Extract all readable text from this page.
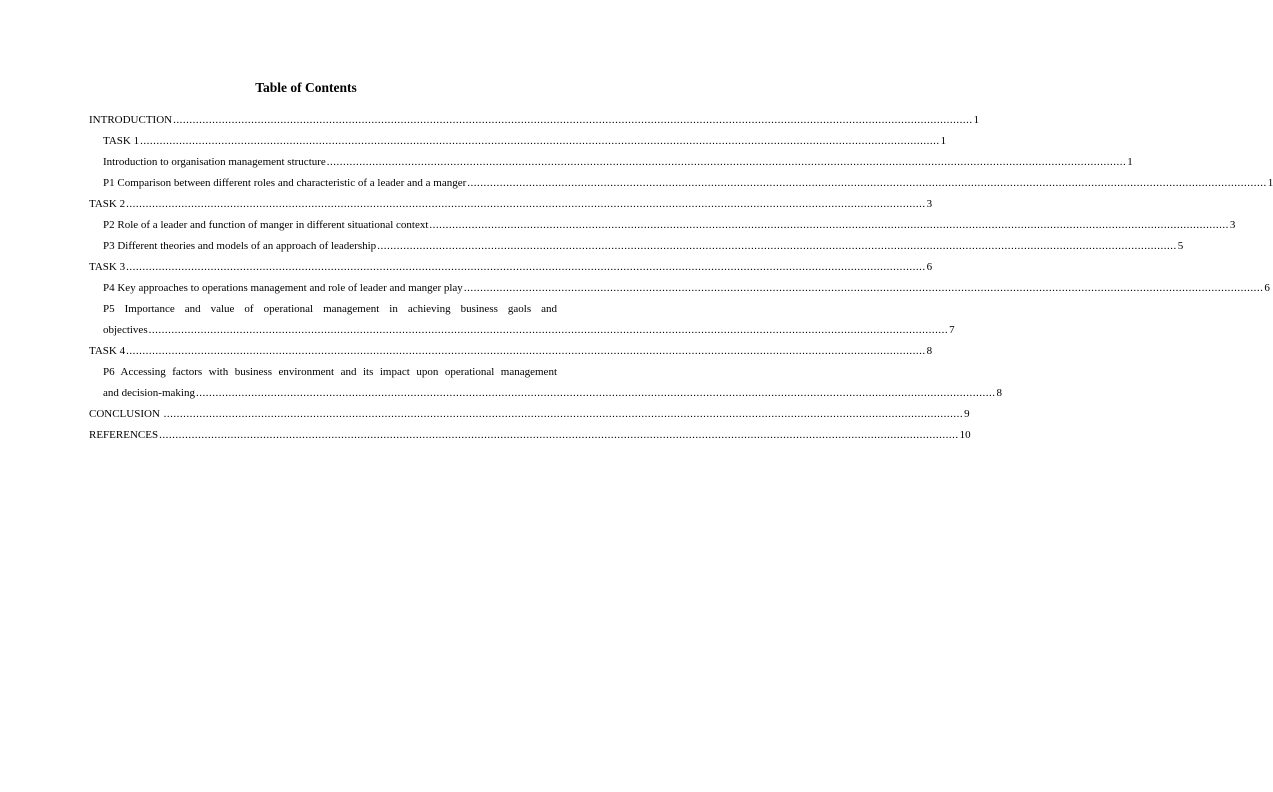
Table of Contents
INTRODUCTION .....	1
TASK 1 .....	1
Introduction to organisation management structure .....	1
P1 Comparison between different roles and characteristic of a leader and a manger .....	1
TASK 2 .....	3
P2 Role of a leader and function of manger in different situational context .....	3
P3 Different theories and models of an approach of leadership .....	5
TASK 3 .....	6
P4 Key approaches to operations management and role of leader and manger play .....	6
P5 Importance and value of operational management in achieving business gaols and
objectives .....	7
TASK 4 .....	8
P6 Accessing factors with business environment and its impact upon operational management
and decision-making .....	8
CONCLUSION .....	9
REFERENCES .....	10
